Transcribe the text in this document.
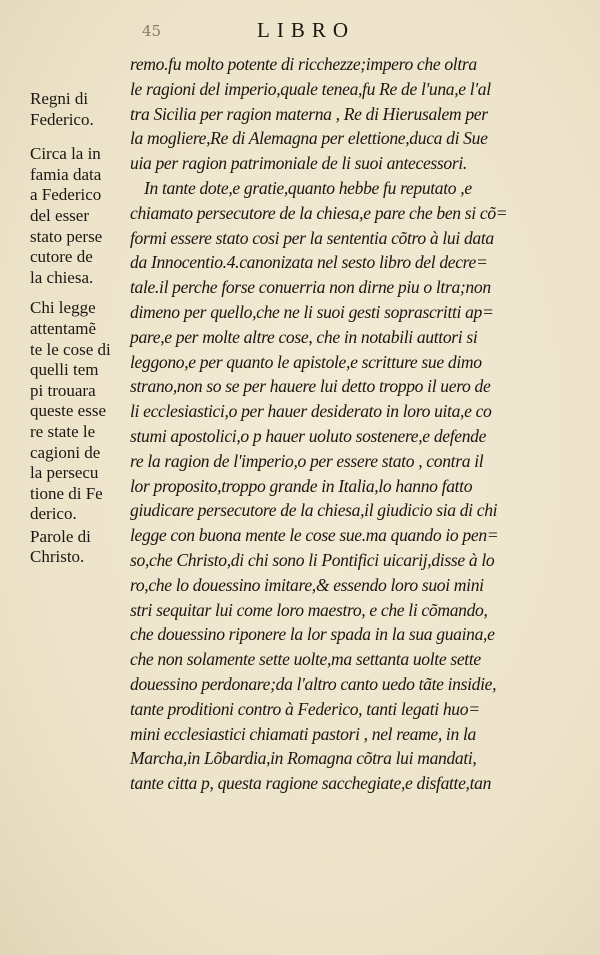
45	LIBRO
Regni di
Federico.
Circa la in
famia data
a Federico
del esser
stato perse
cutore de
la chiesa.
Chi legge
attentamẽ
te le cose di
quelli tem
pi trouara
queste esse
re state le
cagioni de
la persecu
tione di Fe
derico.
Parole di
Christo.
remo.fu molto potente di ricchezze;impero che oltra
le ragioni del imperio,quale tenea,fu Re de l'una,e l'al
tra Sicilia per ragion materna , Re di Hierusalem per
la mogliere,Re di Alemagna per elettione,duca di Sue
uia per ragion patrimoniale de li suoi antecessori.
In tante dote,e gratie,quanto hebbe fu reputato ,e
chiamato persecutore de la chiesa,e pare che ben si cõ=
formi essere stato cosi per la sententia cõtro à lui data
da Innocentio.4.canonizata nel sesto libro del decre=
tale.il perche forse conuerria non dirne piu o ltra;non
dimeno per quello,che ne li suoi gesti soprascritti ap=
pare,e per molte altre cose, che in notabili auttori si
leggono,e per quanto le apistole,e scritture sue dimo
strano,non so se per hauere lui detto troppo il uero de
li ecclesiastici,o per hauer desiderato in loro uita,e co
stumi apostolici,o p hauer uoluto sostenere,e defende
re la ragion de l'imperio,o per essere stato , contra il
lor proposito,troppo grande in Italia,lo hanno fatto
giudicare persecutore de la chiesa,il giudicio sia di chi
legge con buona mente le cose sue.ma quando io pen=
so,che Christo,di chi sono li Pontifici uicarij,disse à lo
ro,che lo douessino imitare,& essendo loro suoi mini
stri sequitar lui come loro maestro, e che li cõmando,
che douessino riponere la lor spada in la sua guaina,e
che non solamente sette uolte,ma settanta uolte sette
douessino perdonare;da l'altro canto uedo tãte insidie,
tante proditioni contro à Federico, tanti legati huo=
mini ecclesiastici chiamati pastori , nel reame, in la
Marcha,in Lõbardia,in Romagna cõtra lui mandati,
tante citta p, questa ragione sacchegiate,e disfatte,tan
